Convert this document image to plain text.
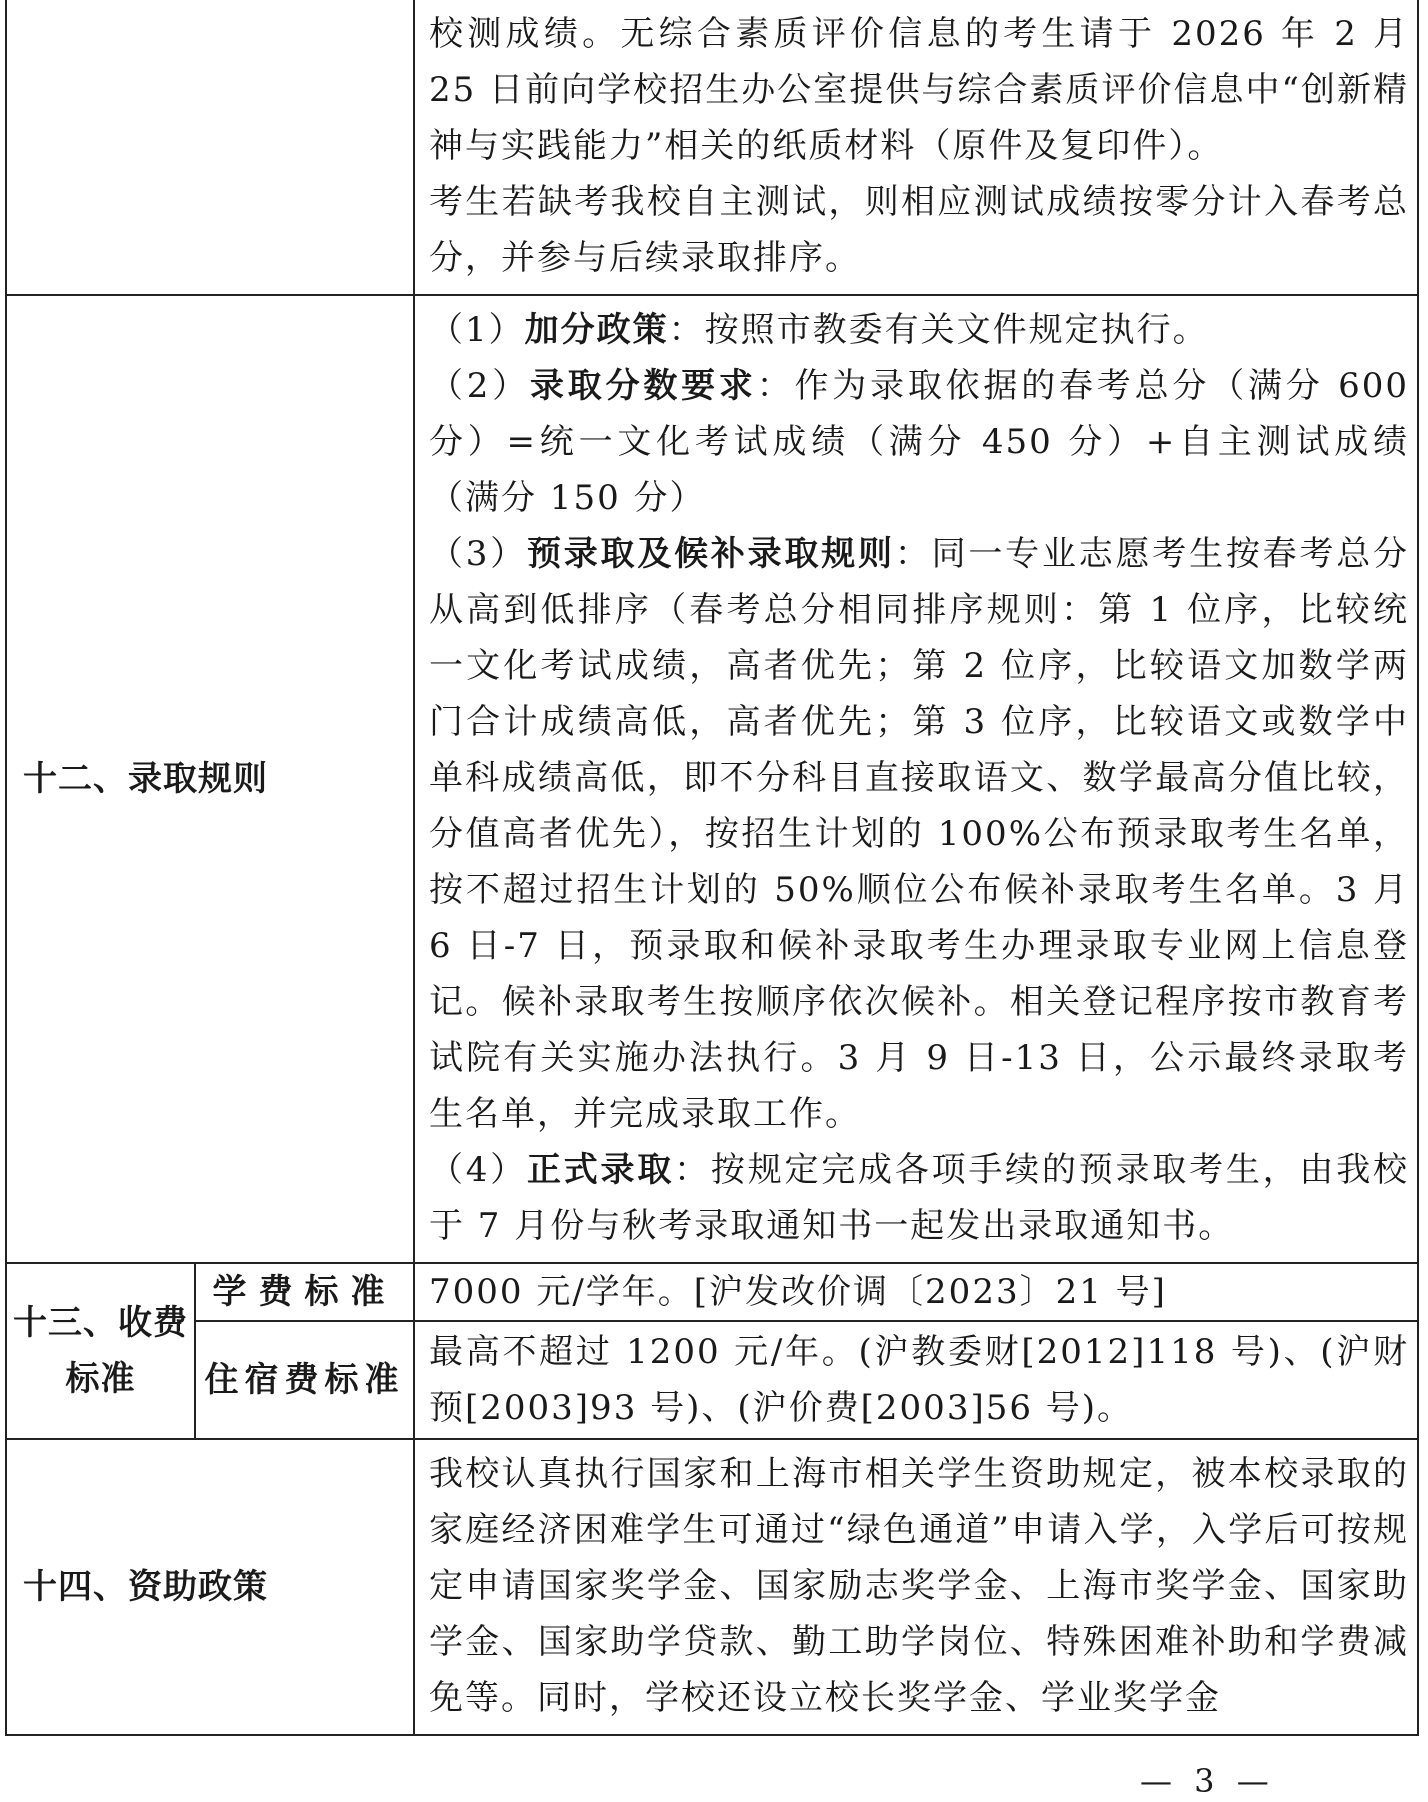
		校测成绩。无综合素质评价信息的考生请于 2026 年 2 月 25 日前向学校招生办公室提供与综合素质评价信息中“创新精神与实践能力”相关的纸质材料（原件及复印件）。

考生若缺考我校自主测试，则相应测试成绩按零分计入春考总分，并参与后续录取排序。

十二、录取规则		（1）加分政策：按照市教委有关文件规定执行。

（2）录取分数要求：作为录取依据的春考总分（满分 600 分）=统一文化考试成绩（满分 450 分）+自主测试成绩（满分 150 分）

（3）预录取及候补录取规则：同一专业志愿考生按春考总分从高到低排序（春考总分相同排序规则：第 1 位序，比较统一文化考试成绩，高者优先；第 2 位序，比较语文加数学两门合计成绩高低，高者优先；第 3 位序，比较语文或数学中单科成绩高低，即不分科目直接取语文、数学最高分值比较，分值高者优先），按招生计划的 100%公布预录取考生名单，按不超过招生计划的 50%顺位公布候补录取考生名单。3 月 6 日-7 日，预录取和候补录取考生办理录取专业网上信息登记。候补录取考生按顺序依次候补。相关登记程序按市教育考试院有关实施办法执行。3 月 9 日-13 日，公示最终录取考生名单，并完成录取工作。

（4）正式录取：按规定完成各项手续的预录取考生，由我校于 7 月份与秋考录取通知书一起发出录取通知书。

十三、收费
标准	学费标准	7000 元/学年。[沪发改价调〔2023〕21 号]

	住宿费标准	最高不超过 1200 元/年。(沪教委财[2012]118 号)、(沪财预[2003]93 号)、(沪价费[2003]56 号)。

十四、资助政策		我校认真执行国家和上海市相关学生资助规定，被本校录取的家庭经济困难学生可通过“绿色通道”申请入学，入学后可按规定申请国家奖学金、国家励志奖学金、上海市奖学金、国家助学金、国家助学贷款、勤工助学岗位、特殊困难补助和学费减免等。同时，学校还设立校长奖学金、学业奖学金

— 3 —
